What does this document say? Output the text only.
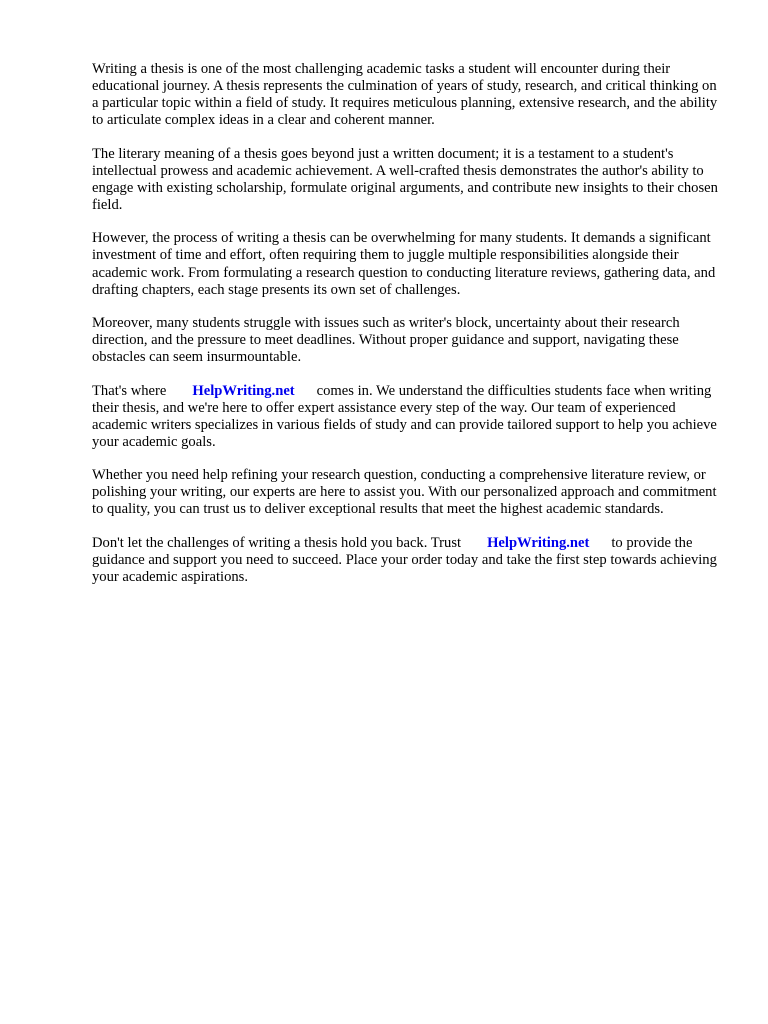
Writing a thesis is one of the most challenging academic tasks a student will encounter during their educational journey. A thesis represents the culmination of years of study, research, and critical thinking on a particular topic within a field of study. It requires meticulous planning, extensive research, and the ability to articulate complex ideas in a clear and coherent manner.

The literary meaning of a thesis goes beyond just a written document; it is a testament to a student's intellectual prowess and academic achievement. A well-crafted thesis demonstrates the author's ability to engage with existing scholarship, formulate original arguments, and contribute new insights to their chosen field.

However, the process of writing a thesis can be overwhelming for many students. It demands a significant investment of time and effort, often requiring them to juggle multiple responsibilities alongside their academic work. From formulating a research question to conducting literature reviews, gathering data, and drafting chapters, each stage presents its own set of challenges.

Moreover, many students struggle with issues such as writer's block, uncertainty about their research direction, and the pressure to meet deadlines. Without proper guidance and support, navigating these obstacles can seem insurmountable.

That's where HelpWriting.net comes in. We understand the difficulties students face when writing their thesis, and we're here to offer expert assistance every step of the way. Our team of experienced academic writers specializes in various fields of study and can provide tailored support to help you achieve your academic goals.

Whether you need help refining your research question, conducting a comprehensive literature review, or polishing your writing, our experts are here to assist you. With our personalized approach and commitment to quality, you can trust us to deliver exceptional results that meet the highest academic standards.

Don't let the challenges of writing a thesis hold you back. Trust HelpWriting.net to provide the guidance and support you need to succeed. Place your order today and take the first step towards achieving your academic aspirations.
